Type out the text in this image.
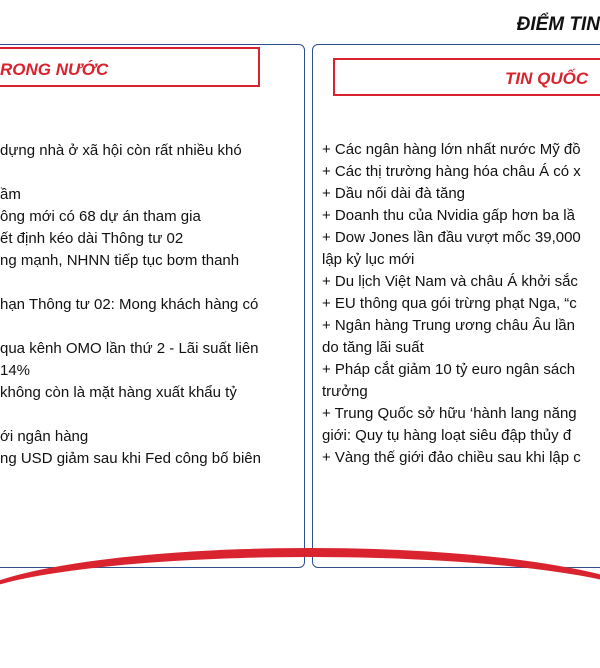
ĐIỂM TIN
RONG NƯỚC	TIN QUỐC

dựng nhà ở xã hội còn rất nhiều khó

ầm
ông mới có 68 dự án tham gia
ết định kéo dài Thông tư 02
ng mạnh, NHNN tiếp tục bơm thanh

hạn Thông tư 02: Mong khách hàng có

qua kênh OMO lần thứ 2 - Lãi suất liên
14%
không còn là mặt hàng xuất khẩu tỷ

ới ngân hàng
ng USD giảm sau khi Fed công bố biên
+ Các ngân hàng lớn nhất nước Mỹ đồ
+ Các thị trường hàng hóa châu Á có x
+ Dầu nối dài đà tăng
+ Doanh thu của Nvidia gấp hơn ba lầ
+ Dow Jones lần đầu vượt mốc 39,000
lập kỷ lục mới
+ Du lịch Việt Nam và châu Á khởi sắc
+ EU thông qua gói trừng phạt Nga, “c
+ Ngân hàng Trung ương châu Âu lần
do tăng lãi suất
+ Pháp cắt giảm 10 tỷ euro ngân sách
trưởng
+ Trung Quốc sở hữu ‘hành lang năng
giới: Quy tụ hàng loạt siêu đập thủy đ
+ Vàng thế giới đảo chiều sau khi lập c
